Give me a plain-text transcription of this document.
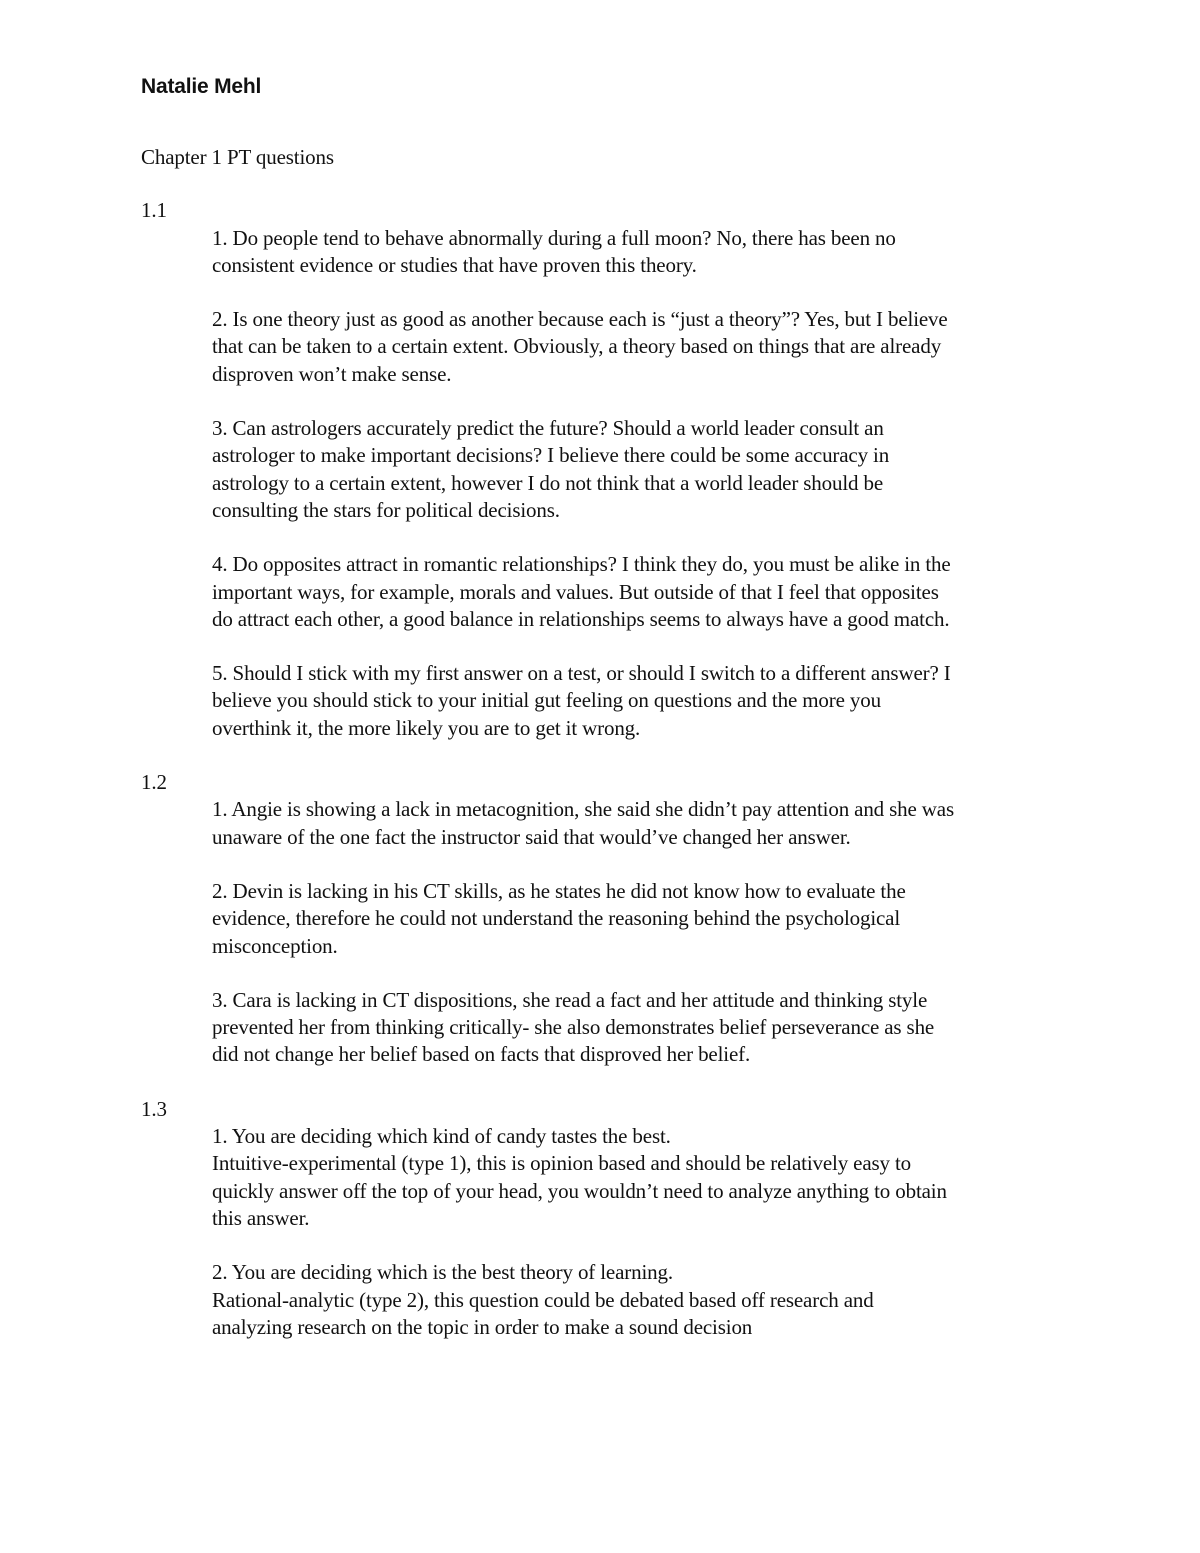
Natalie Mehl
Chapter 1 PT questions
1.1
1. Do people tend to behave abnormally during a full moon? No, there has been no
consistent evidence or studies that have proven this theory.
2. Is one theory just as good as another because each is “just a theory”? Yes, but I believe
that can be taken to a certain extent. Obviously, a theory based on things that are already
disproven won’t make sense.
3. Can astrologers accurately predict the future? Should a world leader consult an
astrologer to make important decisions? I believe there could be some accuracy in
astrology to a certain extent, however I do not think that a world leader should be
consulting the stars for political decisions.
4. Do opposites attract in romantic relationships? I think they do, you must be alike in the
important ways, for example, morals and values. But outside of that I feel that opposites
do attract each other, a good balance in relationships seems to always have a good match.
5. Should I stick with my first answer on a test, or should I switch to a different answer? I
believe you should stick to your initial gut feeling on questions and the more you
overthink it, the more likely you are to get it wrong.
1.2
1. Angie is showing a lack in metacognition, she said she didn’t pay attention and she was
unaware of the one fact the instructor said that would’ve changed her answer.
2. Devin is lacking in his CT skills, as he states he did not know how to evaluate the
evidence, therefore he could not understand the reasoning behind the psychological
misconception.
3. Cara is lacking in CT dispositions, she read a fact and her attitude and thinking style
prevented her from thinking critically- she also demonstrates belief perseverance as she
did not change her belief based on facts that disproved her belief.
1.3
1. You are deciding which kind of candy tastes the best.
Intuitive-experimental (type 1), this is opinion based and should be relatively easy to
quickly answer off the top of your head, you wouldn’t need to analyze anything to obtain
this answer.
2. You are deciding which is the best theory of learning.
Rational-analytic (type 2), this question could be debated based off research and
analyzing research on the topic in order to make a sound decision
